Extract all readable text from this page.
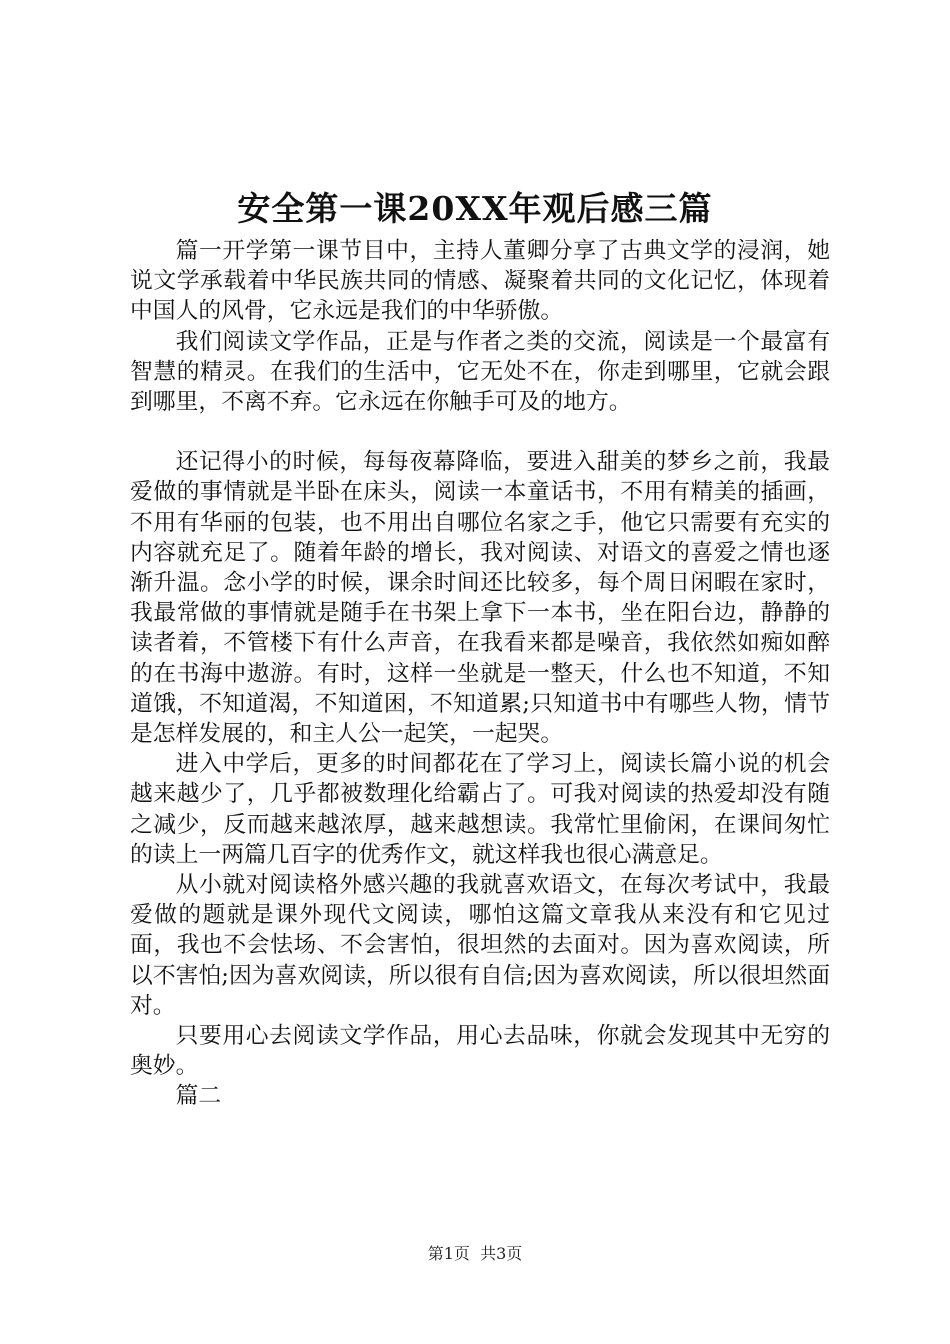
安全第一课20XX年观后感三篇

篇一开学第一课节目中，主持人董卿分享了古典文学的浸润，她说文学承载着中华民族共同的情感、凝聚着共同的文化记忆，体现着中国人的风骨，它永远是我们的中华骄傲。

我们阅读文学作品，正是与作者之类的交流，阅读是一个最富有智慧的精灵。在我们的生活中，它无处不在，你走到哪里，它就会跟到哪里，不离不弃。它永远在你触手可及的地方。

还记得小的时候，每每夜幕降临，要进入甜美的梦乡之前，我最爱做的事情就是半卧在床头，阅读一本童话书，不用有精美的插画，不用有华丽的包装，也不用出自哪位名家之手，他它只需要有充实的内容就充足了。随着年龄的增长，我对阅读、对语文的喜爱之情也逐渐升温。念小学的时候，课余时间还比较多，每个周日闲暇在家时，我最常做的事情就是随手在书架上拿下一本书，坐在阳台边，静静的读者着，不管楼下有什么声音，在我看来都是噪音，我依然如痴如醉的在书海中遨游。有时，这样一坐就是一整天，什么也不知道，不知道饿，不知道渴，不知道困，不知道累;只知道书中有哪些人物，情节是怎样发展的，和主人公一起笑，一起哭。

进入中学后，更多的时间都花在了学习上，阅读长篇小说的机会越来越少了，几乎都被数理化给霸占了。可我对阅读的热爱却没有随之减少，反而越来越浓厚，越来越想读。我常忙里偷闲，在课间匆忙的读上一两篇几百字的优秀作文，就这样我也很心满意足。

从小就对阅读格外感兴趣的我就喜欢语文，在每次考试中，我最爱做的题就是课外现代文阅读，哪怕这篇文章我从来没有和它见过面，我也不会怯场、不会害怕，很坦然的去面对。因为喜欢阅读，所以不害怕;因为喜欢阅读，所以很有自信;因为喜欢阅读，所以很坦然面对。

只要用心去阅读文学作品，用心去品味，你就会发现其中无穷的奥妙。

篇二

第1页  共3页
